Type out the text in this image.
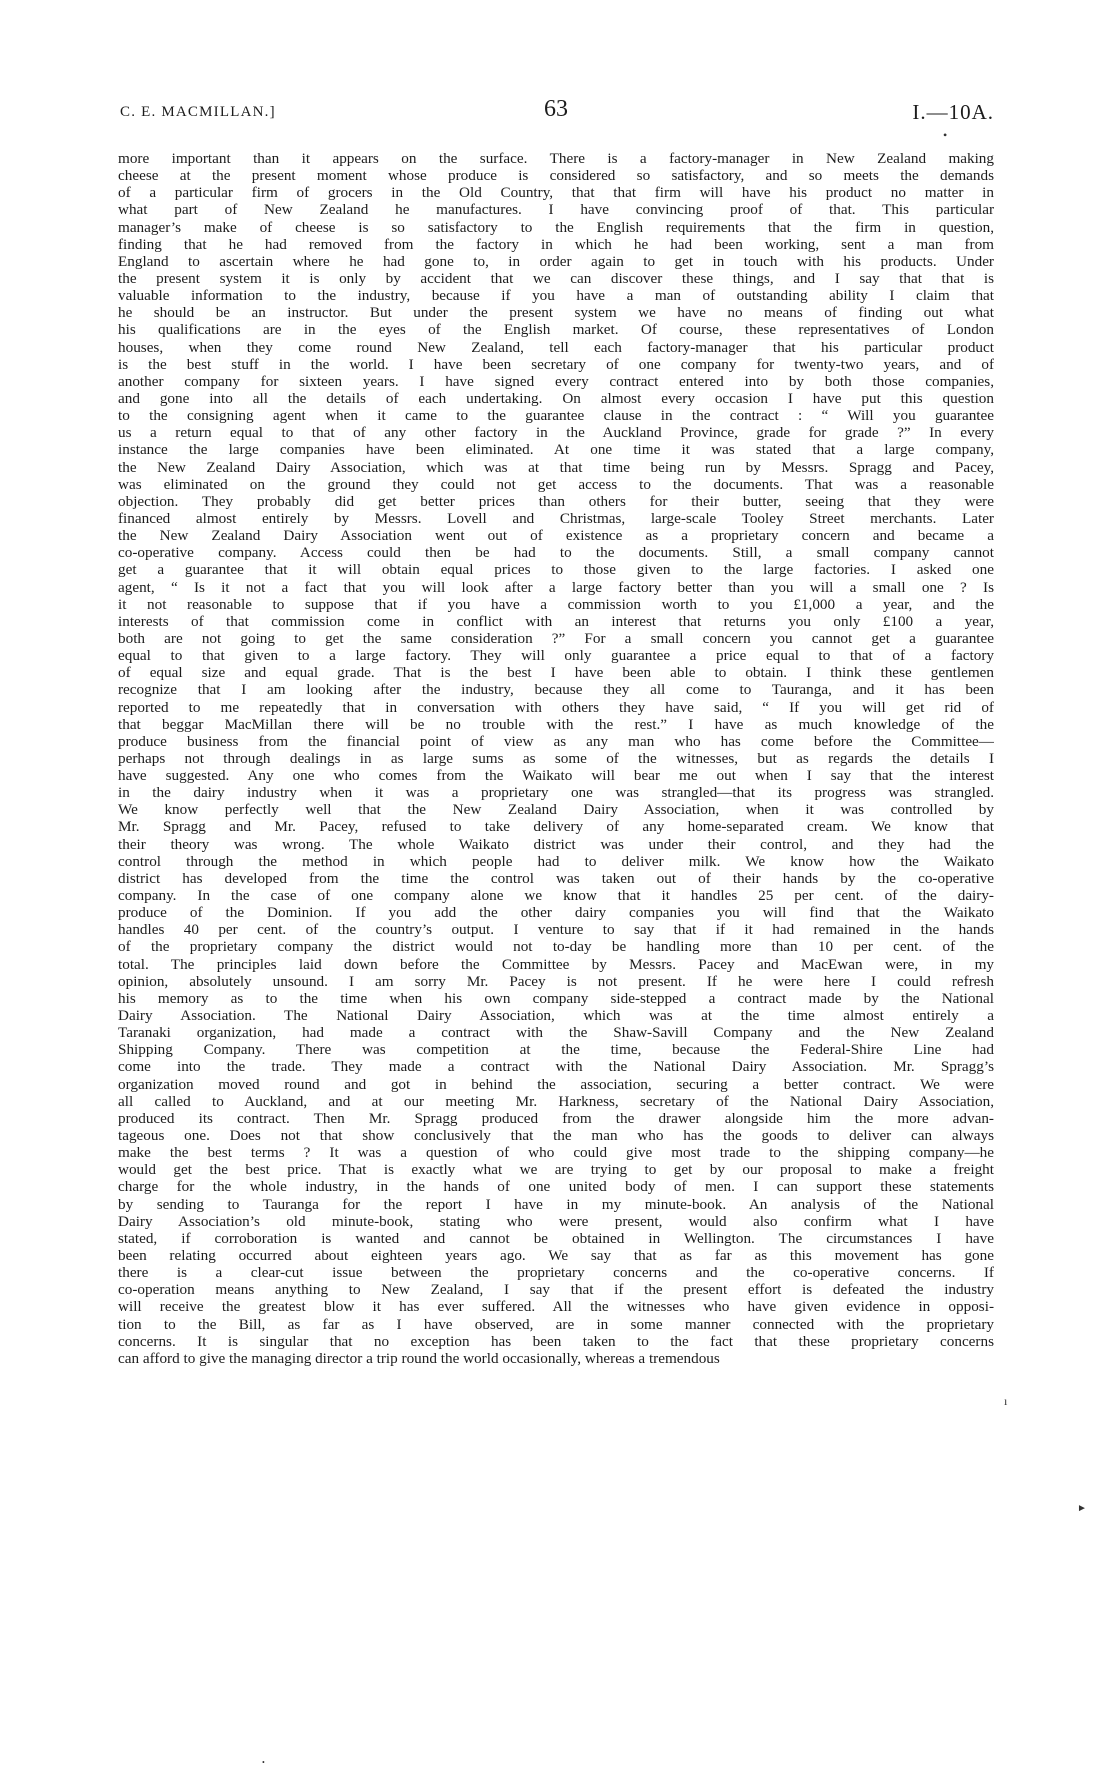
C. E. MACMILLAN.]	63	I.—10A.
•
more important than it appears on the surface. There is a factory-manager in New Zealand making
cheese at the present moment whose produce is considered so satisfactory, and so meets the demands
of a particular firm of grocers in the Old Country, that that firm will have his product no matter in
what part of New Zealand he manufactures. I have convincing proof of that. This particular
manager’s make of cheese is so satisfactory to the English requirements that the firm in question,
finding that he had removed from the factory in which he had been working, sent a man from
England to ascertain where he had gone to, in order again to get in touch with his products. Under
the present system it is only by accident that we can discover these things, and I say that that is
valuable information to the industry, because if you have a man of outstanding ability I claim that
he should be an instructor. But under the present system we have no means of finding out what
his qualifications are in the eyes of the English market. Of course, these representatives of London
houses, when they come round New Zealand, tell each factory-manager that his particular product
is the best stuff in the world. I have been secretary of one company for twenty-two years, and of
another company for sixteen years. I have signed every contract entered into by both those companies,
and gone into all the details of each undertaking. On almost every occasion I have put this question
to the consigning agent when it came to the guarantee clause in the contract : “ Will you guarantee
us a return equal to that of any other factory in the Auckland Province, grade for grade ?” In every
instance the large companies have been eliminated. At one time it was stated that a large company,
the New Zealand Dairy Association, which was at that time being run by Messrs. Spragg and Pacey,
was eliminated on the ground they could not get access to the documents. That was a reasonable
objection. They probably did get better prices than others for their butter, seeing that they were
financed almost entirely by Messrs. Lovell and Christmas, large-scale Tooley Street merchants. Later
the New Zealand Dairy Association went out of existence as a proprietary concern and became a
co-operative company. Access could then be had to the documents. Still, a small company cannot
get a guarantee that it will obtain equal prices to those given to the large factories. I asked one
agent, “ Is it not a fact that you will look after a large factory better than you will a small one ? Is
it not reasonable to suppose that if you have a commission worth to you £1,000 a year, and the
interests of that commission come in conflict with an interest that returns you only £100 a year,
both are not going to get the same consideration ?” For a small concern you cannot get a guarantee
equal to that given to a large factory. They will only guarantee a price equal to that of a factory
of equal size and equal grade. That is the best I have been able to obtain. I think these gentlemen
recognize that I am looking after the industry, because they all come to Tauranga, and it has been
reported to me repeatedly that in conversation with others they have said, “ If you will get rid of
that beggar MacMillan there will be no trouble with the rest.” I have as much knowledge of the
produce business from the financial point of view as any man who has come before the Committee—
perhaps not through dealings in as large sums as some of the witnesses, but as regards the details I
have suggested. Any one who comes from the Waikato will bear me out when I say that the interest
in the dairy industry when it was a proprietary one was strangled—that its progress was strangled.
We know perfectly well that the New Zealand Dairy Association, when it was controlled by
Mr. Spragg and Mr. Pacey, refused to take delivery of any home-separated cream. We know that
their theory was wrong. The whole Waikato district was under their control, and they had the
control through the method in which people had to deliver milk. We know how the Waikato
district has developed from the time the control was taken out of their hands by the co-operative
company. In the case of one company alone we know that it handles 25 per cent. of the dairy-
produce of the Dominion. If you add the other dairy companies you will find that the Waikato
handles 40 per cent. of the country’s output. I venture to say that if it had remained in the hands
of the proprietary company the district would not to-day be handling more than 10 per cent. of the
total. The principles laid down before the Committee by Messrs. Pacey and MacEwan were, in my
opinion, absolutely unsound. I am sorry Mr. Pacey is not present. If he were here I could refresh
his memory as to the time when his own company side-stepped a contract made by the National
Dairy Association. The National Dairy Association, which was at the time almost entirely a
Taranaki organization, had made a contract with the Shaw-Savill Company and the New Zealand
Shipping Company. There was competition at the time, because the Federal-Shire Line had
come into the trade. They made a contract with the National Dairy Association. Mr. Spragg’s
organization moved round and got in behind the association, securing a better contract. We were
all called to Auckland, and at our meeting Mr. Harkness, secretary of the National Dairy Association,
produced its contract. Then Mr. Spragg produced from the drawer alongside him the more advan-
tageous one. Does not that show conclusively that the man who has the goods to deliver can always
make the best terms ? It was a question of who could give most trade to the shipping company—he
would get the best price. That is exactly what we are trying to get by our proposal to make a freight
charge for the whole industry, in the hands of one united body of men. I can support these statements
by sending to Tauranga for the report I have in my minute-book. An analysis of the National
Dairy Association’s old minute-book, stating who were present, would also confirm what I have
stated, if corroboration is wanted and cannot be obtained in Wellington. The circumstances I have
been relating occurred about eighteen years ago. We say that as far as this movement has gone
there is a clear-cut issue between the proprietary concerns and the co-operative concerns. If
co-operation means anything to New Zealand, I say that if the present effort is defeated the industry
will receive the greatest blow it has ever suffered. All the witnesses who have given evidence in opposi-
tion to the Bill, as far as I have observed, are in some manner connected with the proprietary
concerns. It is singular that no exception has been taken to the fact that these proprietary concerns
can afford to give the managing director a trip round the world occasionally, whereas a tremendous
ı
►
•
